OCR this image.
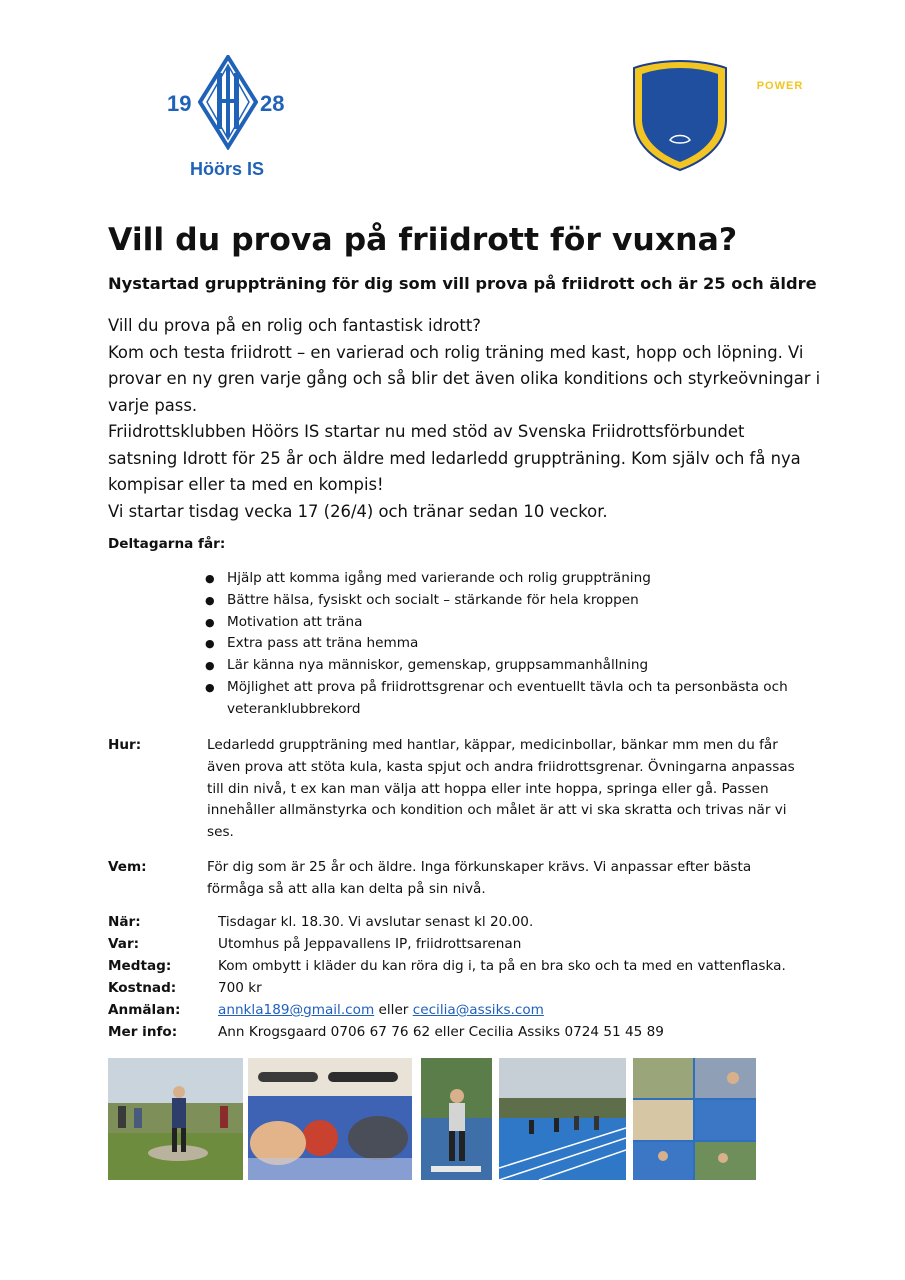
19	28
Höörs IS
POWER
ATHLETICS
TRAINING
Vill du prova på friidrott för vuxna?

Nystartad gruppträning för dig som vill prova på friidrott och är 25 och äldre

Vill du prova på en rolig och fantastisk idrott?

Kom och testa friidrott – en varierad och rolig träning med kast, hopp och löpning. Vi

provar en ny gren varje gång och så blir det även olika konditions och styrkeövningar i

varje pass.

Friidrottsklubben Höörs IS startar nu med stöd av Svenska Friidrottsförbundet

satsning Idrott för 25 år och äldre med ledarledd gruppträning. Kom själv och få nya

kompisar eller ta med en kompis!

Vi startar tisdag vecka 17 (26/4) och tränar sedan 10 veckor.

Deltagarna får:
● Hjälp att komma igång med varierande och rolig gruppträning
● Bättre hälsa, fysiskt och socialt – stärkande för hela kroppen
● Motivation att träna
● Extra pass att träna hemma
● Lär känna nya människor, gemenskap, gruppsammanhållning
● Möjlighet att prova på friidrottsgrenar och eventuellt tävla och ta personbästa och
veteranklubbrekord
Hur:	Ledarledd gruppträning med hantlar, käppar, medicinbollar, bänkar mm men du får

även prova att stöta kula, kasta spjut och andra friidrottsgrenar. Övningarna anpassas

till din nivå, t ex kan man välja att hoppa eller inte hoppa, springa eller gå. Passen

innehåller allmänstyrka och kondition och målet är att vi ska skratta och trivas när vi

ses.

Vem:	För dig som är 25 år och äldre. Inga förkunskaper krävs. Vi anpassar efter bästa

förmåga så att alla kan delta på sin nivå.

När:	Tisdagar kl. 18.30. Vi avslutar senast kl 20.00.
Var:	Utomhus på Jeppavallens IP, friidrottsarenan
Medtag:	Kom ombytt i kläder du kan röra dig i, ta på en bra sko och ta med en vattenflaska.
Kostnad:	700 kr
Anmälan:	annkla189@gmail.com eller cecilia@assiks.com
Mer info:	Ann Krogsgaard 0706 67 76 62 eller Cecilia Assiks 0724 51 45 89
